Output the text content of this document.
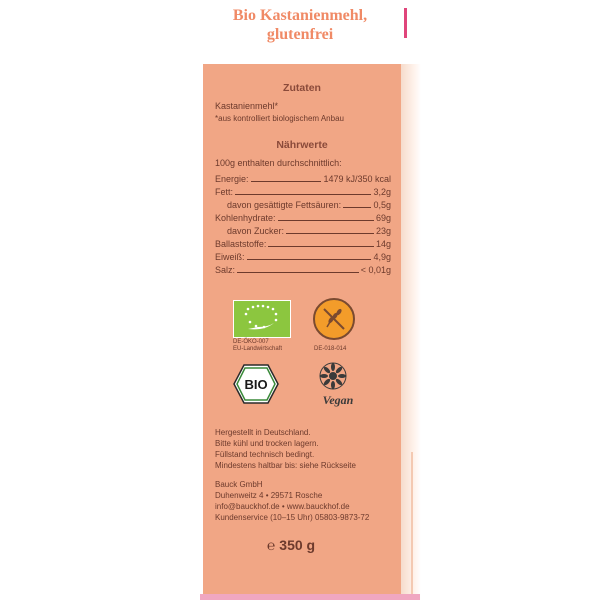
Bio Kastanienmehl,
glutenfrei
Zutaten
Kastanienmehl*
*aus kontrolliert biologischem Anbau
Nährwerte
100g enthalten durchschnittlich:
Energie:	1479 kJ/350 kcal
Fett:	3,2g
davon gesättigte Fettsäuren:	0,5g
Kohlenhydrate:	69g
davon Zucker:	23g
Ballaststoffe:	14g
Eiweiß:	4,9g
Salz:	< 0,01g
DE-ÖKO-007
EU-Landwirtschaft	DE-018-014
BIO
Vegan
Hergestellt in Deutschland.
Bitte kühl und trocken lagern.
Füllstand technisch bedingt.
Mindestens haltbar bis: siehe Rückseite
Bauck GmbH
Duhenweitz 4 • 29571 Rosche
info@bauckhof.de • www.bauckhof.de
Kundenservice (10–15 Uhr) 05803-9873-72
℮ 350 g
